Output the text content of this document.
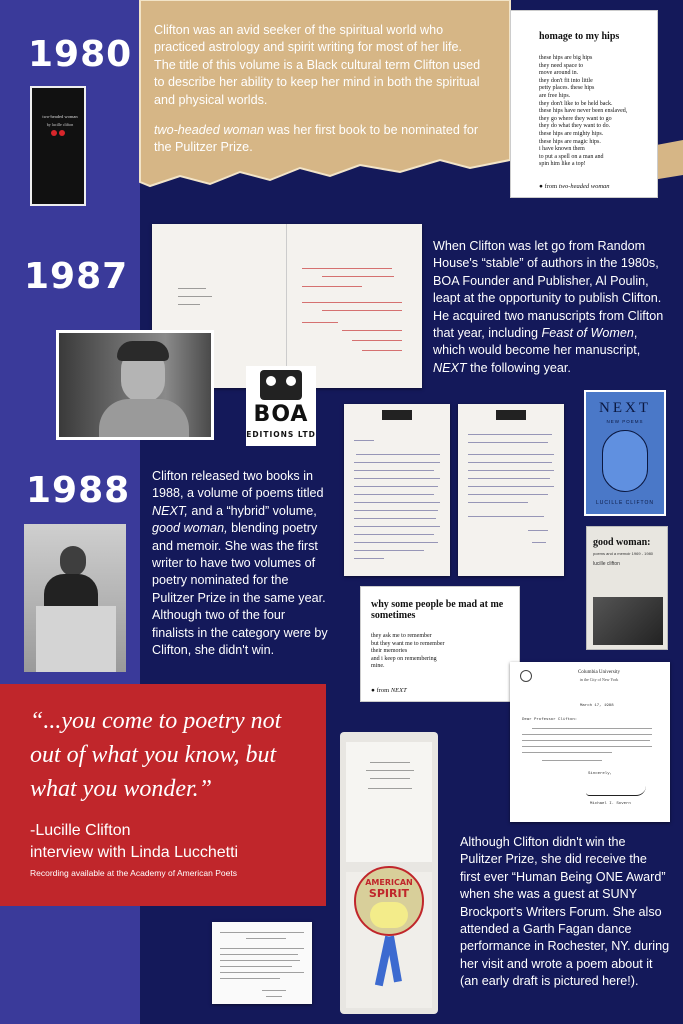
1980
two-headed woman
by lucille clifton
Clifton was an avid seeker of the spiritual world who practiced astrology and spirit writing for most of her life. The title of this volume is a Black cultural term Clifton used to describe her ability to keep her mind in both the spiritual and physical worlds.
two-headed woman was her first book to be nominated for the Pulitzer Prize.
homage to my hips

these hips are big hips

they need space to

move around in.

they don't fit into little

petty places. these hips

are free hips.

they don't like to be held back.

these hips have never been enslaved,

they go where they want to go

they do what they want to do.

these hips are mighty hips.

these hips are magic hips.

i have known them

to put a spell on a man and

spin him like a top!

● from two-headed woman
1987
BOA
EDITIONS LTD
When Clifton was let go from Random House's “stable” of authors in the 1980s, BOA Founder and Publisher, Al Poulin, leapt at the opportunity to publish Clifton. He acquired two manuscripts from Clifton that year, including Feast of Women, which would become her manuscript, NEXT the following year.
1988 Clifton released two books in 1988, a volume of poems titled NEXT, and a “hybrid” volume, good woman, blending poetry and memoir. She was the first writer to have two volumes of poetry nominated for the Pulitzer Prize in the same year. Although two of the four finalists in the category were by Clifton, she didn't win.
NEXT
NEW POEMS
LUCILLE CLIFTON
good woman:
poems and a memoir 1969 - 1980
lucille clifton
why some people be mad at me sometimes

they ask me to remember

but they want me to remember

their memories

and i keep on remembering

mine.

● from NEXT
Columbia University
in the City of New York
March 17, 1988
Dear Professor Clifton:
Sincerely,
Michael I. Sovern
“...you come to poetry not out of what you know, but what you wonder.”
-Lucille Clifton
interview with Linda Lucchetti
Recording available at the Academy of American Poets
AMERICAN
SPIRIT
Although Clifton didn't win the Pulitzer Prize, she did receive the first ever “Human Being ONE Award” when she was a guest at SUNY Brockport's Writers Forum. She also attended a Garth Fagan dance performance in Rochester, NY. during her visit and wrote a poem about it (an early draft is pictured here!).
